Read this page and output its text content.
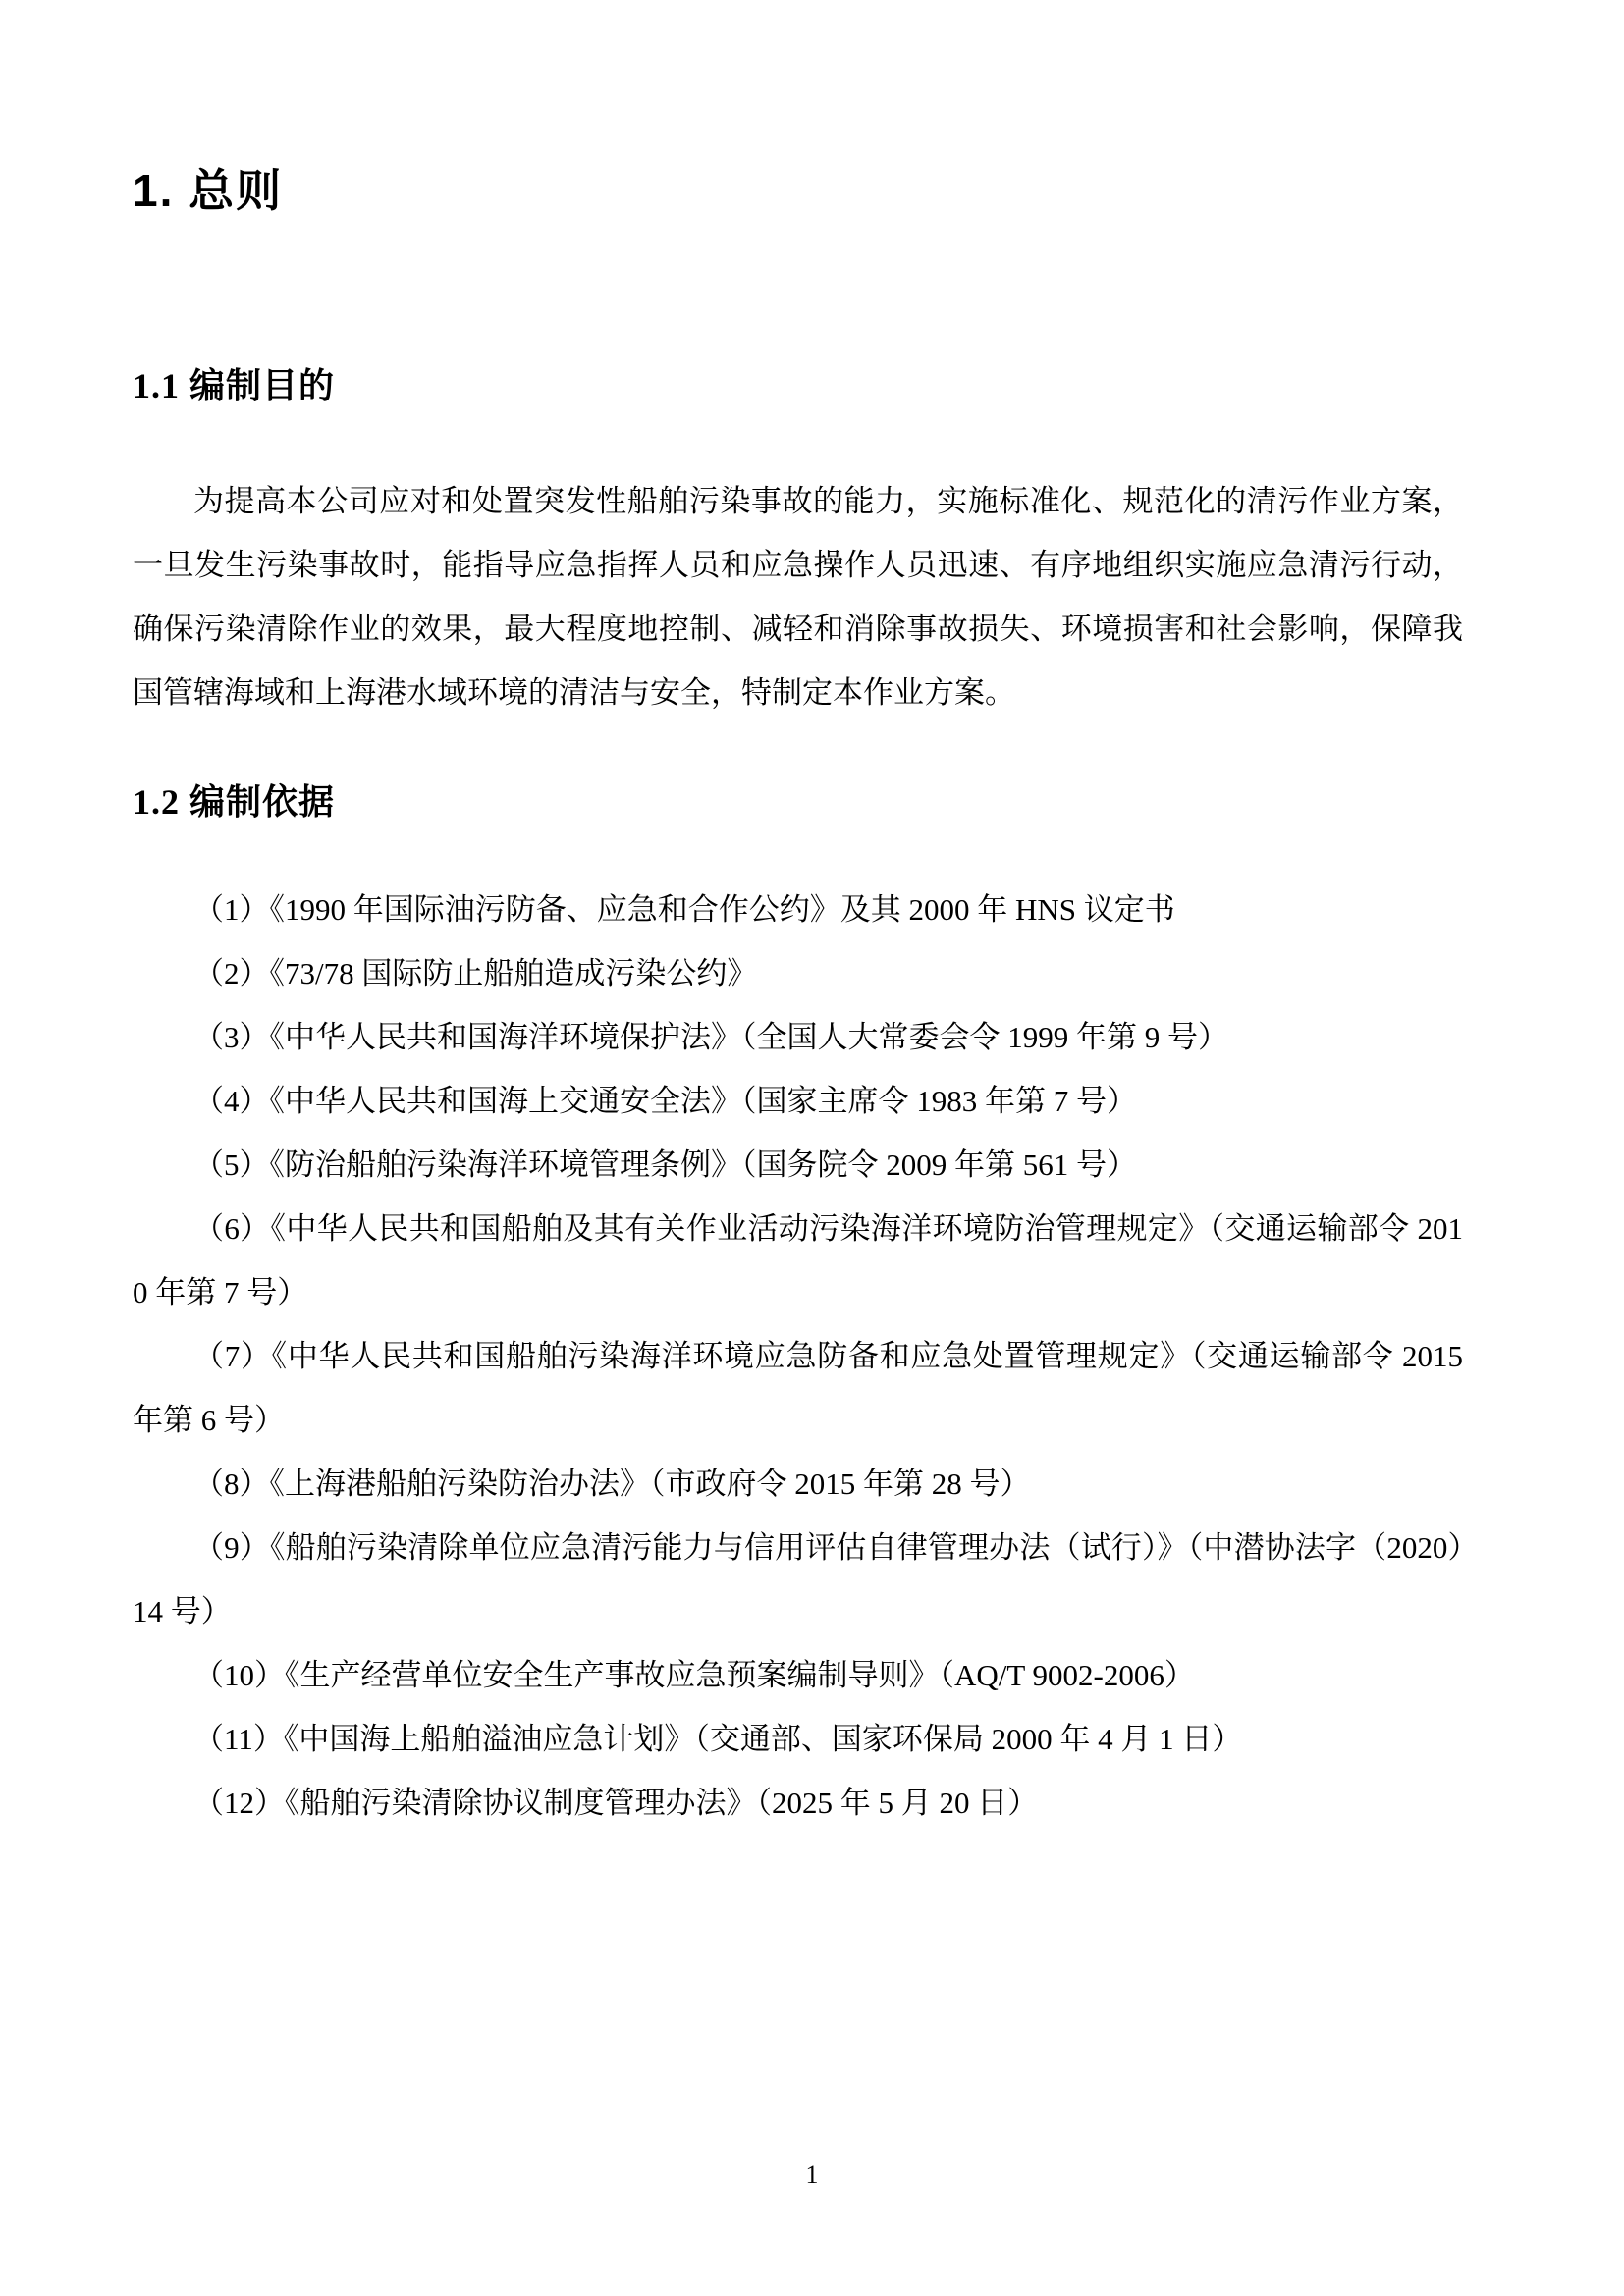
1. 总则
1.1 编制目的

为提高本公司应对和处置突发性船舶污染事故的能力，实施标准化、规范化的清污作业方案，一旦发生污染事故时，能指导应急指挥人员和应急操作人员迅速、有序地组织实施应急清污行动，确保污染清除作业的效果，最大程度地控制、减轻和消除事故损失、环境损害和社会影响，保障我国管辖海域和上海港水域环境的清洁与安全，特制定本作业方案。

1.2 编制依据

（1）《1990 年国际油污防备、应急和合作公约》及其 2000 年 HNS 议定书

（2）《73/78 国际防止船舶造成污染公约》

（3）《中华人民共和国海洋环境保护法》（全国人大常委会令 1999 年第 9 号）

（4）《中华人民共和国海上交通安全法》（国家主席令 1983 年第 7 号）

（5）《防治船舶污染海洋环境管理条例》（国务院令 2009 年第 561 号）

（6）《中华人民共和国船舶及其有关作业活动污染海洋环境防治管理规定》（交通运输部令 2010 年第 7 号）

（7）《中华人民共和国船舶污染海洋环境应急防备和应急处置管理规定》（交通运输部令 2015 年第 6 号）

（8）《上海港船舶污染防治办法》（市政府令 2015 年第 28 号）

（9）《船舶污染清除单位应急清污能力与信用评估自律管理办法（试行）》（中潜协法字（2020）14 号）

（10）《生产经营单位安全生产事故应急预案编制导则》（AQ/T 9002-2006）

（11）《中国海上船舶溢油应急计划》（交通部、国家环保局 2000 年 4 月 1 日）

（12）《船舶污染清除协议制度管理办法》（2025 年 5 月 20 日）

1
